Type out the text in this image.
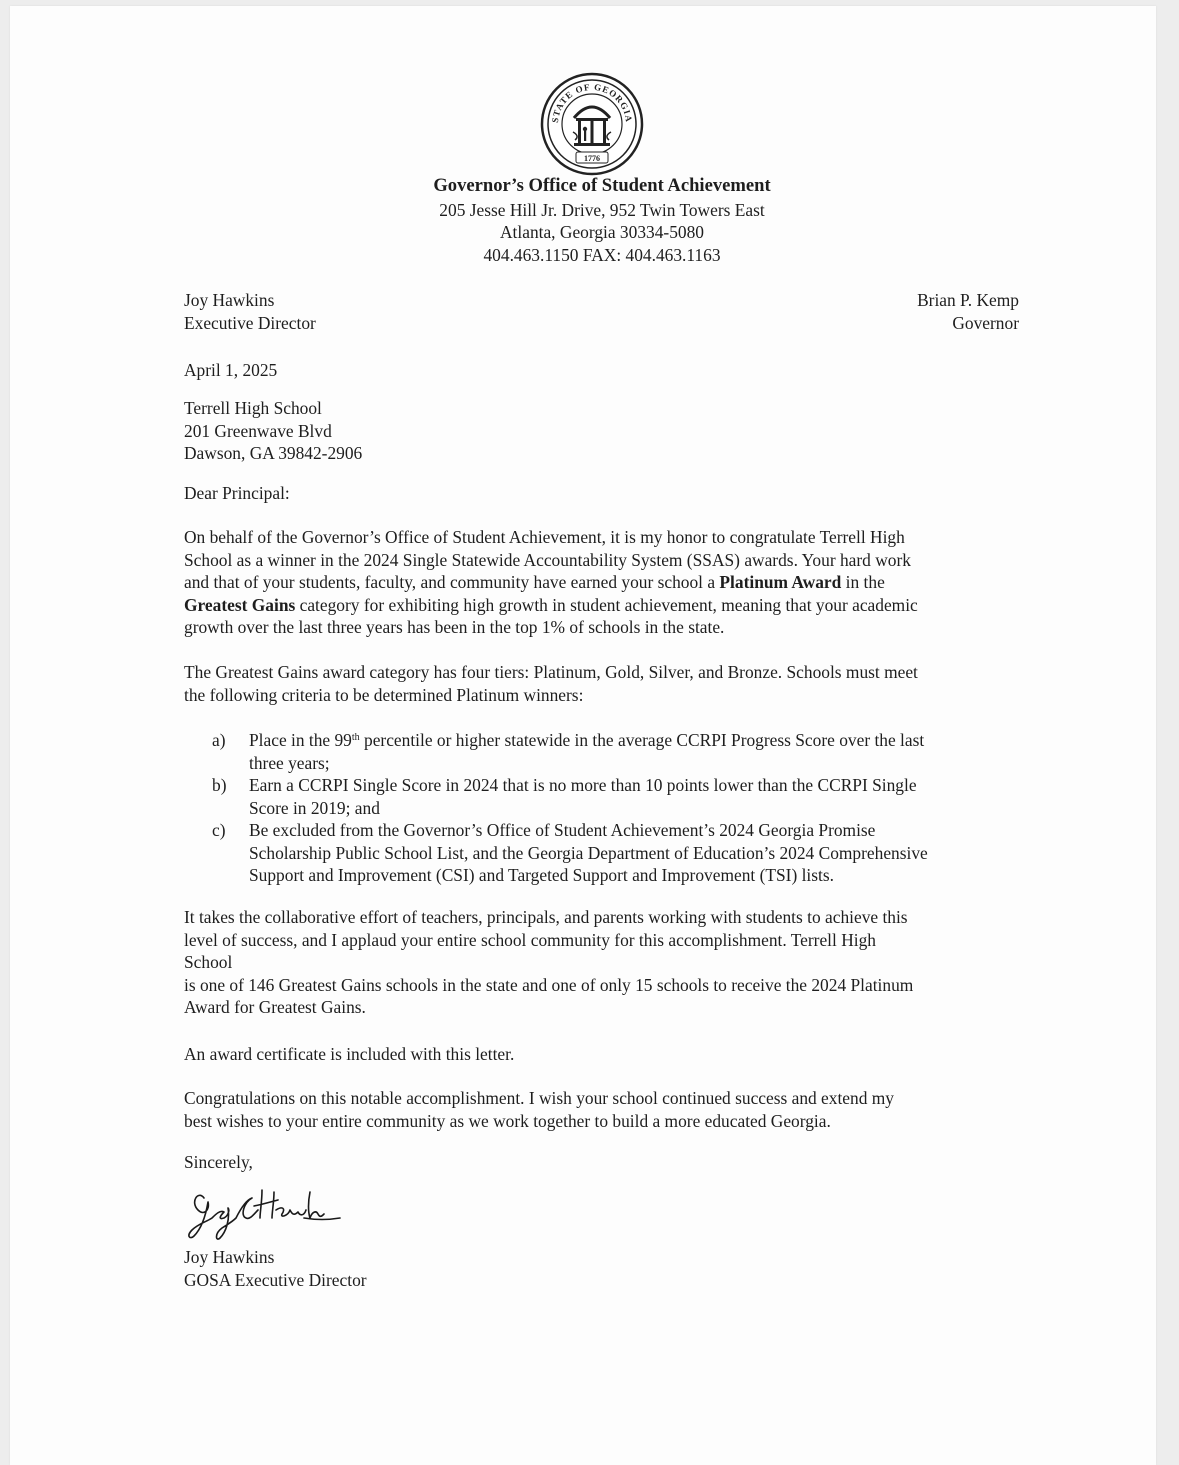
STATE OF GEORGIA
1776
Governor’s Office of Student Achievement
205 Jesse Hill Jr. Drive, 952 Twin Towers East
Atlanta, Georgia 30334-5080
404.463.1150 FAX: 404.463.1163
Joy Hawkins
Executive Director
Brian P. Kemp
Governor
April 1, 2025
Terrell High School
201 Greenwave Blvd
Dawson, GA 39842-2906
Dear Principal:

On behalf of the Governor’s Office of Student Achievement, it is my honor to congratulate Terrell High
School as a winner in the 2024 Single Statewide Accountability System (SSAS) awards. Your hard work
and that of your students, faculty, and community have earned your school a Platinum Award in the
Greatest Gains category for exhibiting high growth in student achievement, meaning that your academic
growth over the last three years has been in the top 1% of schools in the state.

The Greatest Gains award category has four tiers: Platinum, Gold, Silver, and Bronze. Schools must meet
the following criteria to be determined Platinum winners:

a)	Place in the 99th percentile or higher statewide in the average CCRPI Progress Score over the last
three years;
b)	Earn a CCRPI Single Score in 2024 that is no more than 10 points lower than the CCRPI Single
Score in 2019; and
c)	Be excluded from the Governor’s Office of Student Achievement’s 2024 Georgia Promise
Scholarship Public School List, and the Georgia Department of Education’s 2024 Comprehensive
Support and Improvement (CSI) and Targeted Support and Improvement (TSI) lists.

It takes the collaborative effort of teachers, principals, and parents working with students to achieve this
level of success, and I applaud your entire school community for this accomplishment. Terrell High
School
is one of 146 Greatest Gains schools in the state and one of only 15 schools to receive the 2024 Platinum
Award for Greatest Gains.

An award certificate is included with this letter.

Congratulations on this notable accomplishment. I wish your school continued success and extend my
best wishes to your entire community as we work together to build a more educated Georgia.

Sincerely,
Joy Hawkins
GOSA Executive Director
